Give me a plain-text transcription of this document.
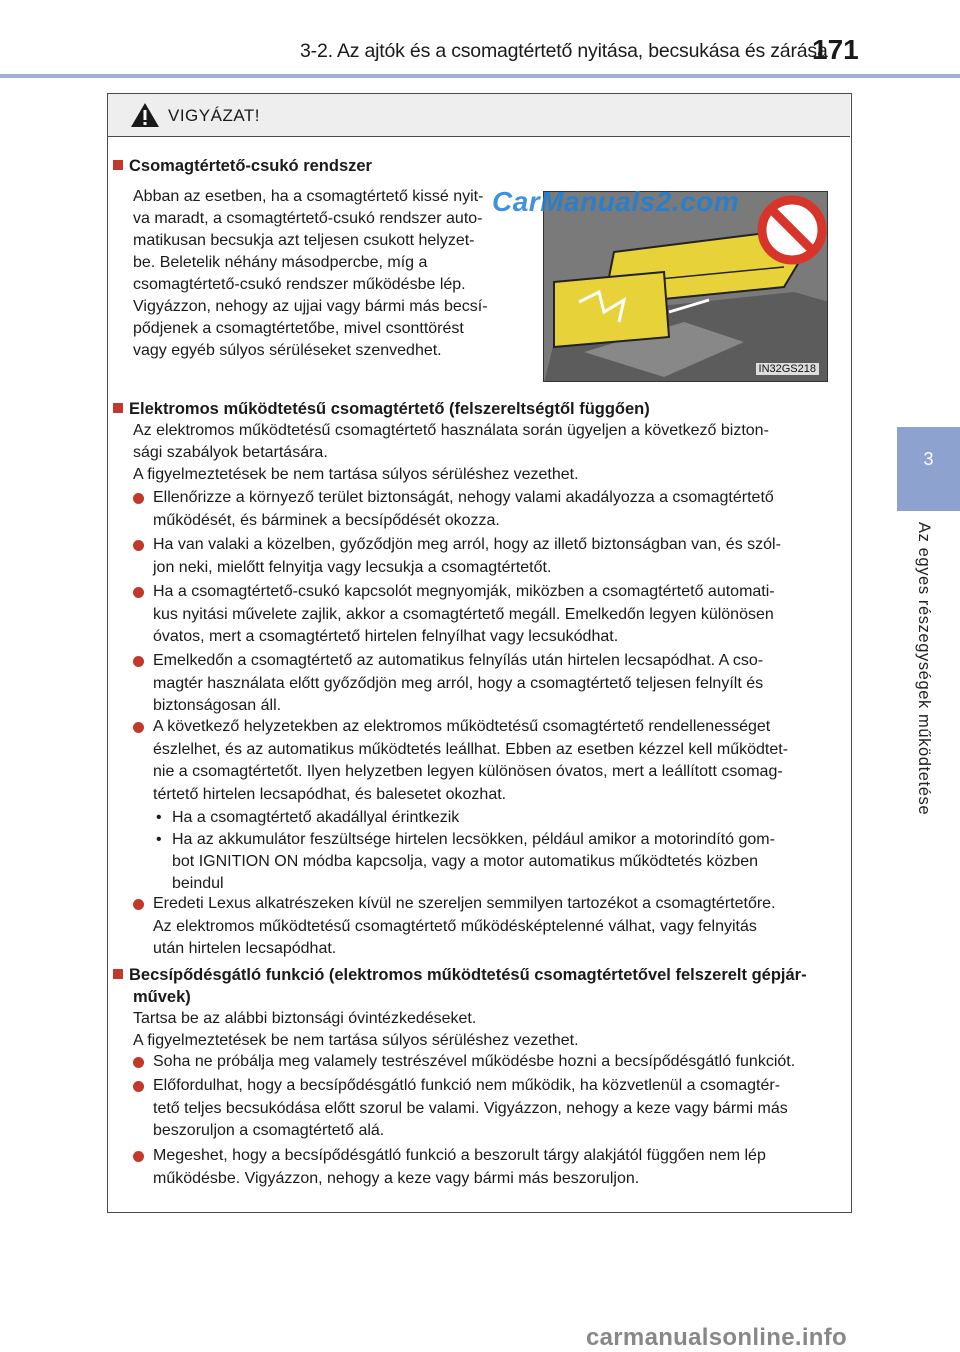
3-2. Az ajtók és a csomagtértető nyitása, becsukása és zárása
171
3
Az egyes részegységek működtetése
VIGYÁZAT!
Csomagtértető-csukó rendszer
Abban az esetben, ha a csomagtértető kissé nyit-
va maradt, a csomagtértető-csukó rendszer auto-
matikusan becsukja azt teljesen csukott helyzet-
be. Beletelik néhány másodpercbe, míg a
csomagtértető-csukó rendszer működésbe lép.
Vigyázzon, nehogy az ujjai vagy bármi más becsí-
pődjenek a csomagtértetőbe, mivel csonttörést
vagy egyéb súlyos sérüléseket szenvedhet.
IN32GS218
Elektromos működtetésű csomagtértető (felszereltségtől függően)
Az elektromos működtetésű csomagtértető használata során ügyeljen a következő bizton-
sági szabályok betartására.
A figyelmeztetések be nem tartása súlyos sérüléshez vezethet.
Ellenőrizze a környező terület biztonságát, nehogy valami akadályozza a csomagtértető
működését, és bárminek a becsípődését okozza.
Ha van valaki a közelben, győződjön meg arról, hogy az illető biztonságban van, és szól-
jon neki, mielőtt felnyitja vagy lecsukja a csomagtértetőt.
Ha a csomagtértető-csukó kapcsolót megnyomják, miközben a csomagtértető automati-
kus nyitási művelete zajlik, akkor a csomagtértető megáll. Emelkedőn legyen különösen
óvatos, mert a csomagtértető hirtelen felnyílhat vagy lecsukódhat.
Emelkedőn a csomagtértető az automatikus felnyílás után hirtelen lecsapódhat. A cso-
magtér használata előtt győződjön meg arról, hogy a csomagtértető teljesen felnyílt és
biztonságosan áll.
A következő helyzetekben az elektromos működtetésű csomagtértető rendellenességet
észlelhet, és az automatikus működtetés leállhat. Ebben az esetben kézzel kell működtet-
nie a csomagtértetőt. Ilyen helyzetben legyen különösen óvatos, mert a leállított csomag-
tértető hirtelen lecsapódhat, és balesetet okozhat.
• Ha a csomagtértető akadállyal érintkezik
• Ha az akkumulátor feszültsége hirtelen lecsökken, például amikor a motorindító gom-
bot IGNITION ON módba kapcsolja, vagy a motor automatikus működtetés közben
beindul
Eredeti Lexus alkatrészeken kívül ne szereljen semmilyen tartozékot a csomagtértetőre.
Az elektromos működtetésű csomagtértető működésképtelenné válhat, vagy felnyitás
után hirtelen lecsapódhat.
Becsípődésgátló funkció (elektromos működtetésű csomagtértetővel felszerelt gépjár-
művek)
Tartsa be az alábbi biztonsági óvintézkedéseket.
A figyelmeztetések be nem tartása súlyos sérüléshez vezethet.
Soha ne próbálja meg valamely testrészével működésbe hozni a becsípődésgátló funkciót.
Előfordulhat, hogy a becsípődésgátló funkció nem működik, ha közvetlenül a csomagtér-
tető teljes becsukódása előtt szorul be valami. Vigyázzon, nehogy a keze vagy bármi más
beszoruljon a csomagtértető alá.
Megeshet, hogy a becsípődésgátló funkció a beszorult tárgy alakjától függően nem lép
működésbe. Vigyázzon, nehogy a keze vagy bármi más beszoruljon.
CarManuals2.com
carmanualsonline.info
